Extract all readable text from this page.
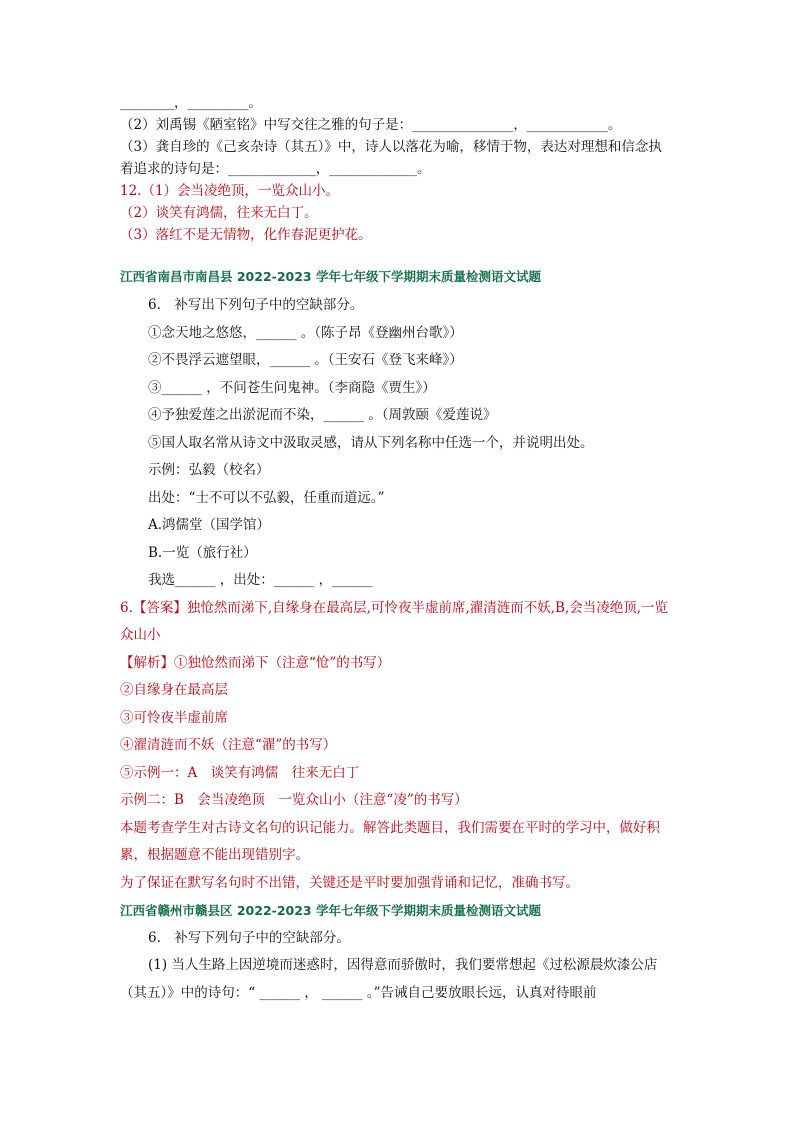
________，_________。
（2）刘禹锡《陋室铭》中写交往之雅的句子是：_______________，____________。
（3）龚自珍的《己亥杂诗（其五）》中，诗人以落花为喻，移情于物，表达对理想和信念执
着追求的诗句是：_____________，_____________。
12.（1）会当凌绝顶，一览众山小。
（2）谈笑有鸿儒，往来无白丁。
（3）落红不是无情物，化作春泥更护花。
江西省南昌市南昌县 2022-2023 学年七年级下学期期末质量检测语文试题
6.　补写出下列句子中的空缺部分。
①念天地之悠悠，______ 。（陈子昂《登幽州台歌》）
②不畏浮云遮望眼，______ 。（王安石《登飞来峰》）
③______ ，不问苍生问鬼神。（李商隐《贾生》）
④予独爱莲之出淤泥而不染，______ 。（周敦颐《爱莲说》
⑤国人取名常从诗文中汲取灵感，请从下列名称中任选一个，并说明出处。
示例：弘毅（校名）
出处：“士不可以不弘毅，任重而道远。”
A.鸿儒堂（国学馆）
B.一览（旅行社）
我选______ ，出处：______ ，______
6.【答案】独怆然而涕下,自缘身在最高层,可怜夜半虚前席,濯清涟而不妖,B,会当凌绝顶,一览
众山小
【解析】①独怆然而涕下（注意“怆”的书写）
②自缘身在最高层
③可怜夜半虚前席
④濯清涟而不妖（注意“濯”的书写）
⑤示例一：A　谈笑有鸿儒　往来无白丁
示例二：B　会当凌绝顶　一览众山小（注意“凌”的书写）
本题考查学生对古诗文名句的识记能力。解答此类题目，我们需要在平时的学习中，做好积
累，根据题意不能出现错别字。
为了保证在默写名句时不出错，关键还是平时要加强背诵和记忆，准确书写。
江西省赣州市赣县区 2022-2023 学年七年级下学期期末质量检测语文试题
6.　补写下列句子中的空缺部分。
(1) 当人生路上因逆境而迷惑时，因得意而骄傲时，我们要常想起《过松源晨炊漆公店
（其五）》中的诗句：“ ______ ， ______ 。”告诫自己要放眼长远，认真对待眼前
